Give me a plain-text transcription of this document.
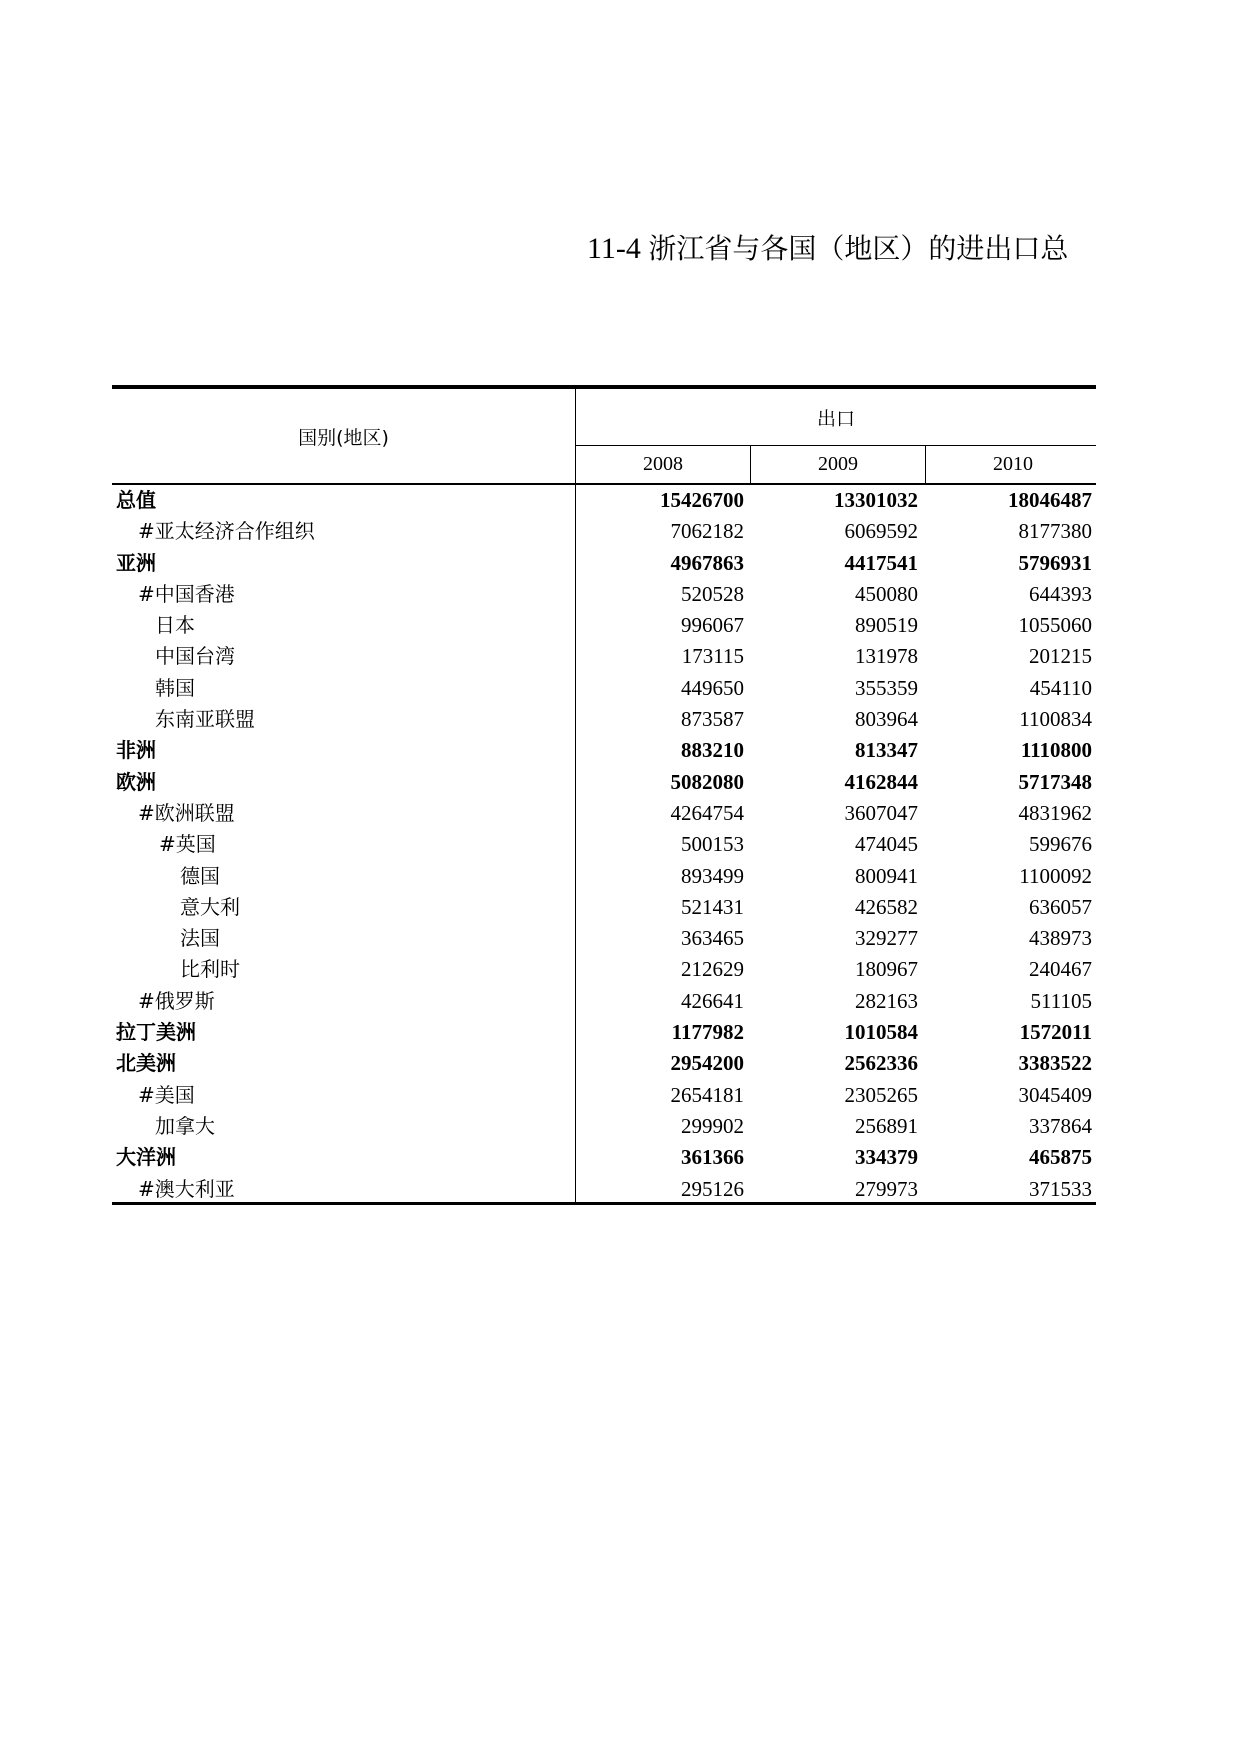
11-4 浙江省与各国（地区）的进出口总
国别(地区)
出口
2008	2009	2010
总值	15426700	13301032	18046487
#亚太经济合作组织	7062182	6069592	8177380
亚洲	4967863	4417541	5796931
#中国香港	520528	450080	644393
日本	996067	890519	1055060
中国台湾	173115	131978	201215
韩国	449650	355359	454110
东南亚联盟	873587	803964	1100834
非洲	883210	813347	1110800
欧洲	5082080	4162844	5717348
#欧洲联盟	4264754	3607047	4831962
#英国	500153	474045	599676
德国	893499	800941	1100092
意大利	521431	426582	636057
法国	363465	329277	438973
比利时	212629	180967	240467
#俄罗斯	426641	282163	511105
拉丁美洲	1177982	1010584	1572011
北美洲	2954200	2562336	3383522
#美国	2654181	2305265	3045409
加拿大	299902	256891	337864
大洋洲	361366	334379	465875
#澳大利亚	295126	279973	371533
